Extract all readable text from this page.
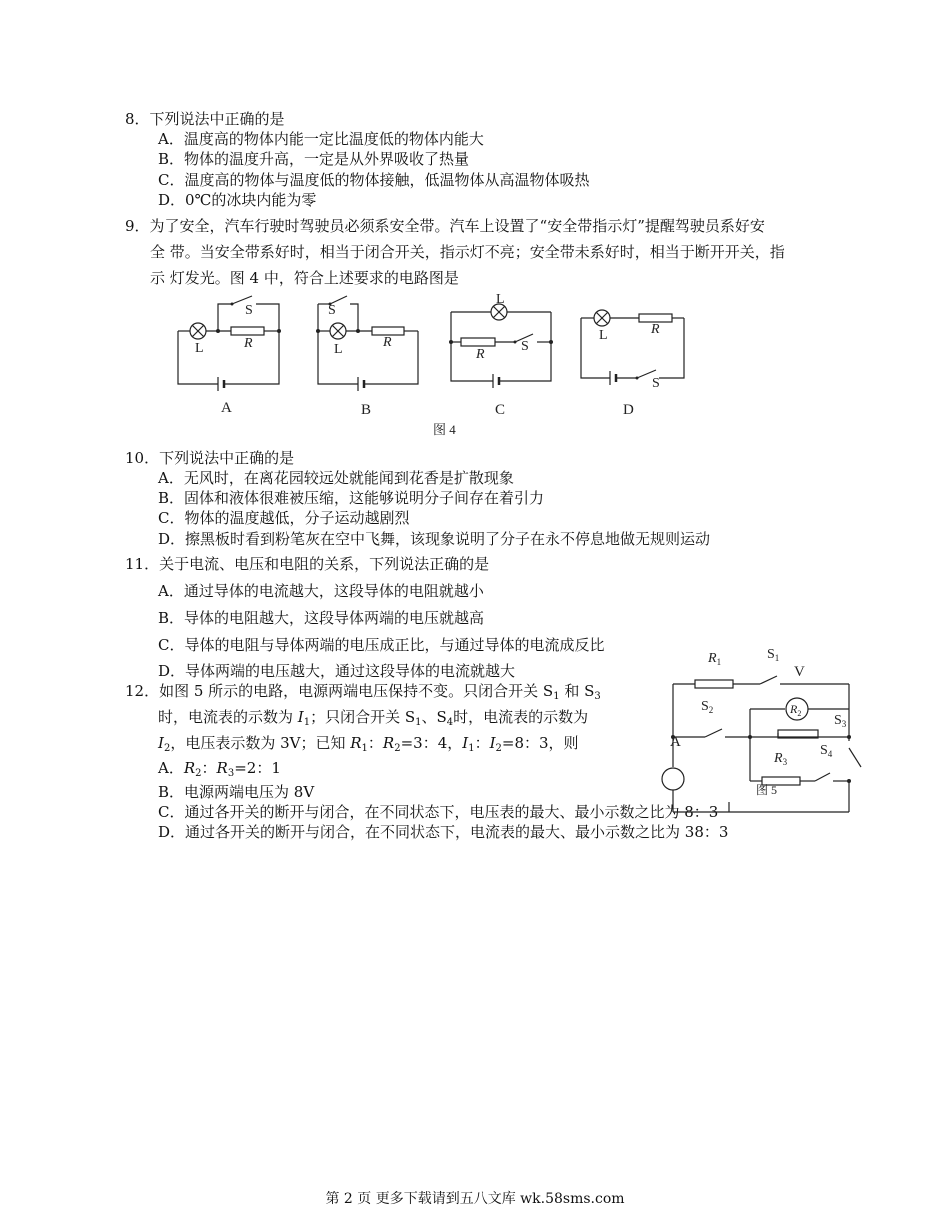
8．下列说法中正确的是
A．温度高的物体内能一定比温度低的物体内能大
B．物体的温度升高，一定是从外界吸收了热量
C．温度高的物体与温度低的物体接触，低温物体从高温物体吸热
D．0℃的冰块内能为零
9．为了安全，汽车行驶时驾驶员必须系安全带。汽车上设置了“安全带指示灯”提醒驾驶员系好安
全 带。当安全带系好时，相当于闭合开关，指示灯不亮；安全带未系好时，相当于断开开关，指
示 灯发光。图 4 中，符合上述要求的电路图是
S
L	R
S
L	R
L
R
S
L	R
S
A	B	C	D
图 4
10．下列说法中正确的是
A．无风时，在离花园较远处就能闻到花香是扩散现象
B．固体和液体很难被压缩，这能够说明分子间存在着引力
C．物体的温度越低，分子运动越剧烈
D．擦黑板时看到粉笔灰在空中飞舞，该现象说明了分子在永不停息地做无规则运动
11．关于电流、电压和电阻的关系，下列说法正确的是
A．通过导体的电流越大，这段导体的电阻就越小
B．导体的电阻越大，这段导体两端的电压就越高
C．导体的电阻与导体两端的电压成正比，与通过导体的电流成反比
D．导体两端的电压越大，通过这段导体的电流就越大
12．如图 5 所示的电路，电源两端电压保持不变。只闭合开关 $S_1$ 和 $S_3$
时，电流表的示数为 $I_1$；只闭合开关 $S_1$、$S_4$时，电流表的示数为
$I_2$，电压表示数为 3V；已知 $R_1$：$R_2=3$：4，$I_1$：$I_2=8$：3，则
A．$R_2$：$R_3=2$：1
B．电源两端电压为 8V
C．通过各开关的断开与闭合，在不同状态下，电压表的最大、最小示数之比为 8：3
D．通过各开关的断开与闭合，在不同状态下，电流表的最大、最小示数之比为 38：3
$R_1$	$S_1$
V
$S_2$	$R_2$ $S_3$
A
$R_3$
$S_4$
图 5
第 2 页 更多下载请到五八文库 wk.58sms.com
